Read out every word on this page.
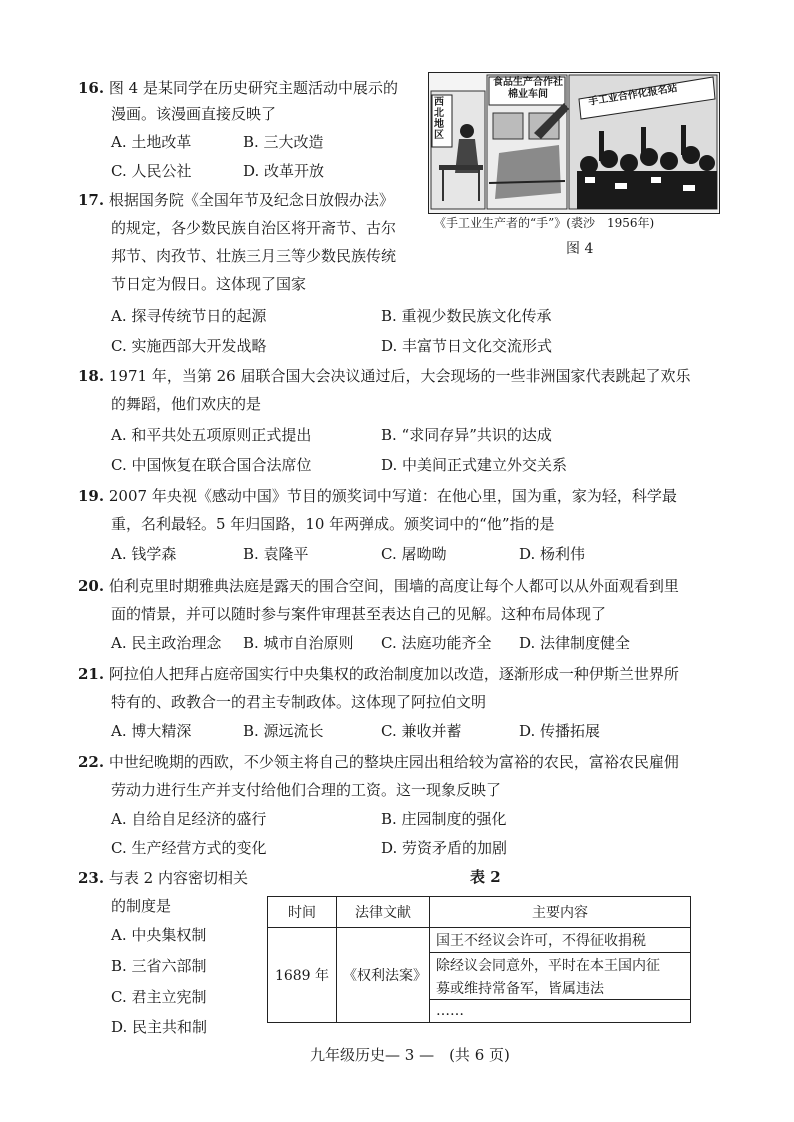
16. 图 4 是某同学在历史研究主题活动中展示的
漫画。该漫画直接反映了
A. 土地改革	B. 三大改造
C. 人民公社	D. 改革开放
食品生产合作社
棉业车间
西北地区
手工业合作化报名站
《手工业生产者的“手”》(裘沙　1956年)
图 4
17. 根据国务院《全国年节及纪念日放假办法》
的规定，各少数民族自治区将开斋节、古尔
邦节、肉孜节、壮族三月三等少数民族传统
节日定为假日。这体现了国家
A. 探寻传统节日的起源	B. 重视少数民族文化传承
C. 实施西部大开发战略	D. 丰富节日文化交流形式
18. 1971 年，当第 26 届联合国大会决议通过后，大会现场的一些非洲国家代表跳起了欢乐
的舞蹈，他们欢庆的是
A. 和平共处五项原则正式提出	B. “求同存异”共识的达成
C. 中国恢复在联合国合法席位	D. 中美间正式建立外交关系
19. 2007 年央视《感动中国》节目的颁奖词中写道：在他心里，国为重，家为轻，科学最
重，名利最轻。5 年归国路，10 年两弹成。颁奖词中的“他”指的是
A. 钱学森	B. 袁隆平	C. 屠呦呦	D. 杨利伟
20. 伯利克里时期雅典法庭是露天的围合空间，围墙的高度让每个人都可以从外面观看到里
面的情景，并可以随时参与案件审理甚至表达自己的见解。这种布局体现了
A. 民主政治理念 B. 城市自治原则 C. 法庭功能齐全 D. 法律制度健全
21. 阿拉伯人把拜占庭帝国实行中央集权的政治制度加以改造，逐渐形成一种伊斯兰世界所
特有的、政教合一的君主专制政体。这体现了阿拉伯文明
A. 博大精深	B. 源远流长	C. 兼收并蓄	D. 传播拓展
22. 中世纪晚期的西欧，不少领主将自己的整块庄园出租给较为富裕的农民，富裕农民雇佣
劳动力进行生产并支付给他们合理的工资。这一现象反映了
A. 自给自足经济的盛行	B. 庄园制度的强化
C. 生产经营方式的变化	D. 劳资矛盾的加剧
23. 与表 2 内容密切相关	表 2
的制度是
A. 中央集权制
B. 三省六部制
C. 君主立宪制
D. 民主共和制
时间	法律文献	主要内容
1689 年	《权利法案》	国王不经议会许可，不得征收捐税
		除经议会同意外，平时在本王国内征
		募或维持常备军，皆属违法
		……
九年级历史— 3 —　(共 6 页)
